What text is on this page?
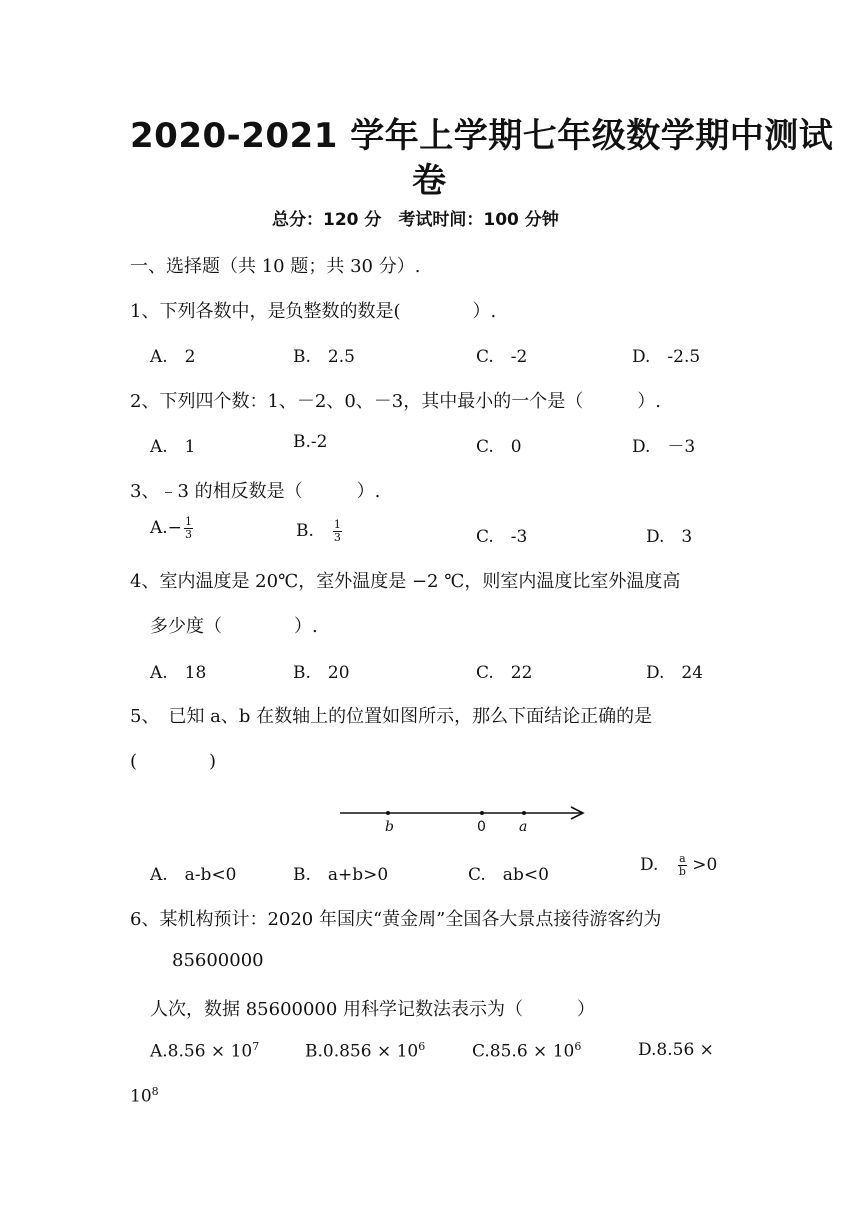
2020-2021 学年上学期七年级数学期中测试
卷
总分：120 分　考试时间：100 分钟
一、选择题（共 10 题；共 30 分）.
1、下列各数中，是负整数的数是(　　　　）.
A.　2	B.　2.5	C.　-2	D.　-2.5
2、下列四个数：1、－2、0、－3，其中最小的一个是（　　　）.
A.　1	B.-2	C.　0	D.　－3
3、﹣3 的相反数是（　　　）.
$A.- \frac{1}{3}$	B.　 $\frac{1}{3}$	C.　-3	D.　3
4、室内温度是 20℃，室外温度是 −2 ℃，则室内温度比室外温度高
多少度（　　　　）.
A.　18	B.　20	C.　22	D.　24
5、　已知 a、b 在数轴上的位置如图所示，那么下面结论正确的是
(　　　　)
b	0 a
A.　a-b<0	B.　a+b>0	C.　ab<0	D. $\frac{a}{b} >0$
6、某机构预计：2020 年国庆“黄金周”全国各大景点接待游客约为
85600000
人次，数据 85600000 用科学记数法表示为（　　　）
$A.8.56 \times 10^7$	$B.0.856 \times 10^6$	$C.85.6 \times 10^6$	D.8.56 ×
$10^8$
